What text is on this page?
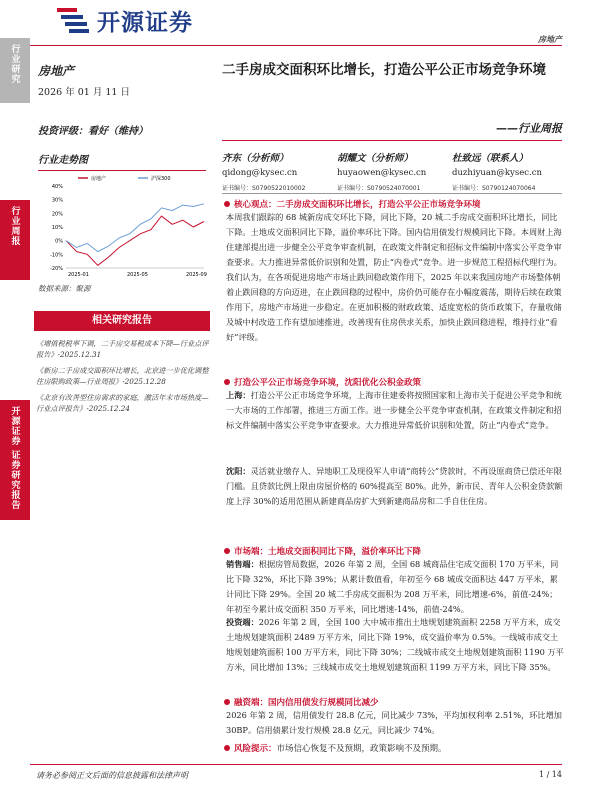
开源证券
房地产
行业研究
行业周报
开源证券 证券研究报告
房地产
2026 年 01 月 11 日
投资评级：看好（维持）
行业走势图
40%
30%
20%
10%
0%
-10%
-20%
2025-01	2025-05	2025-09
房地产	沪深300
数据来源：聚源
相关研究报告
《增值税税率下调，二手房交易税成本下降—行业点评报告》-2025.12.31
《新房二手房成交面积环比增长，北京进一步优化调整住房限购政策—行业周报》-2025.12.28
《北京有改善型住房需求的家庭，激活年末市场热度—行业点评报告》-2025.12.24
二手房成交面积环比增长，打造公平公正市场竞争环境
——行业周报
齐东（分析师）
qidong@kysec.cn
证书编号：S0790522010002
胡耀文（分析师）
huyaowen@kysec.cn
证书编号：S0790524070001
杜致远（联系人）
duzhiyuan@kysec.cn
证书编号：S0790124070064
核心观点：二手房成交面积环比增长，打造公平公正市场竞争环境
本周我们跟踪的 68 城新房成交环比下降，同比下降，20 城二手房成交面积环比增长，同比下降。土地成交面积同比下降，溢价率环比下降。国内信用债发行规模同比下降。本周财上海住建部提出进一步健全公平竞争审查机制，在政策文件制定和招标文件编制中落实公平竞争审查要求。大力推进异常低价识别和处置，防止“内卷式”竞争。进一步规范工程招标代理行为。我们认为，在各项促进房地产市场止跌回稳政策作用下，2025 年以来我国房地产市场整体朝着止跌回稳的方向迈进，在止跌回稳的过程中，房价仍可能存在小幅度震荡，期待后续在政策作用下，房地产市场进一步稳定。在更加积极的财政政策、适度宽松的货币政策下，存量收储及城中村改造工作有望加速推进，改善现有住房供求关系，加快止跌回稳进程，维持行业“看好”评级。
打造公平公正市场竞争环境，沈阳优化公积金政策
上海：打造公平公正市场竞争环境，上海市住建委将按照国家和上海市关于促进公平竞争和统一大市场的工作部署，推进三方面工作。进一步健全公平竞争审查机制，在政策文件制定和招标文件编制中落实公平竞争审查要求。大力推进异常低价识别和处置，防止“内卷式”竞争。
沈阳：灵活就业缴存人、异地职工及现役军人申请“商转公”贷款时，不再设原商贷已偿还年限门槛。且贷款比例上限由房屋价格的 60%提高至 80%。此外，新市民、青年人公积金贷款额度上浮 30%的适用范围从新建商品房扩大到新建商品房和二手自住住房。
市场端：土地成交面积同比下降，溢价率环比下降
销售端：根据房管局数据，2026 年第 2 周，全国 68 城商品住宅成交面积 170 万平米，同比下降 32%，环比下降 39%；从累计数值看，年初至今 68 城成交面积达 447 万平米，累计同比下降 29%。全国 20 城二手房成交面积为 208 万平米，同比增速-6%，前值-24%；年初至今累计成交面积 350 万平米，同比增速-14%，前值-24%。
投资端：2026 年第 2 周，全国 100 大中城市推出土地规划建筑面积 2258 万平方米，成交土地规划建筑面积 2489 万平方米，同比下降 19%，成交溢价率为 0.5%。一线城市成交土地规划建筑面积 100 万平方米，同比下降 30%；二线城市成交土地规划建筑面积 1190 万平方米，同比增加 13%；三线城市成交土地规划建筑面积 1199 万平方米，同比下降 35%。
融资端：国内信用债发行规模同比减少
2026 年第 2 周，信用债发行 28.8 亿元，同比减少 73%，平均加权利率 2.51%，环比增加 30BP。信用债累计发行规模 28.8 亿元，同比减少 74%。
风险提示：市场信心恢复不及预期，政策影响不及预期。
请务必参阅正文后面的信息披露和法律声明	1 / 14
